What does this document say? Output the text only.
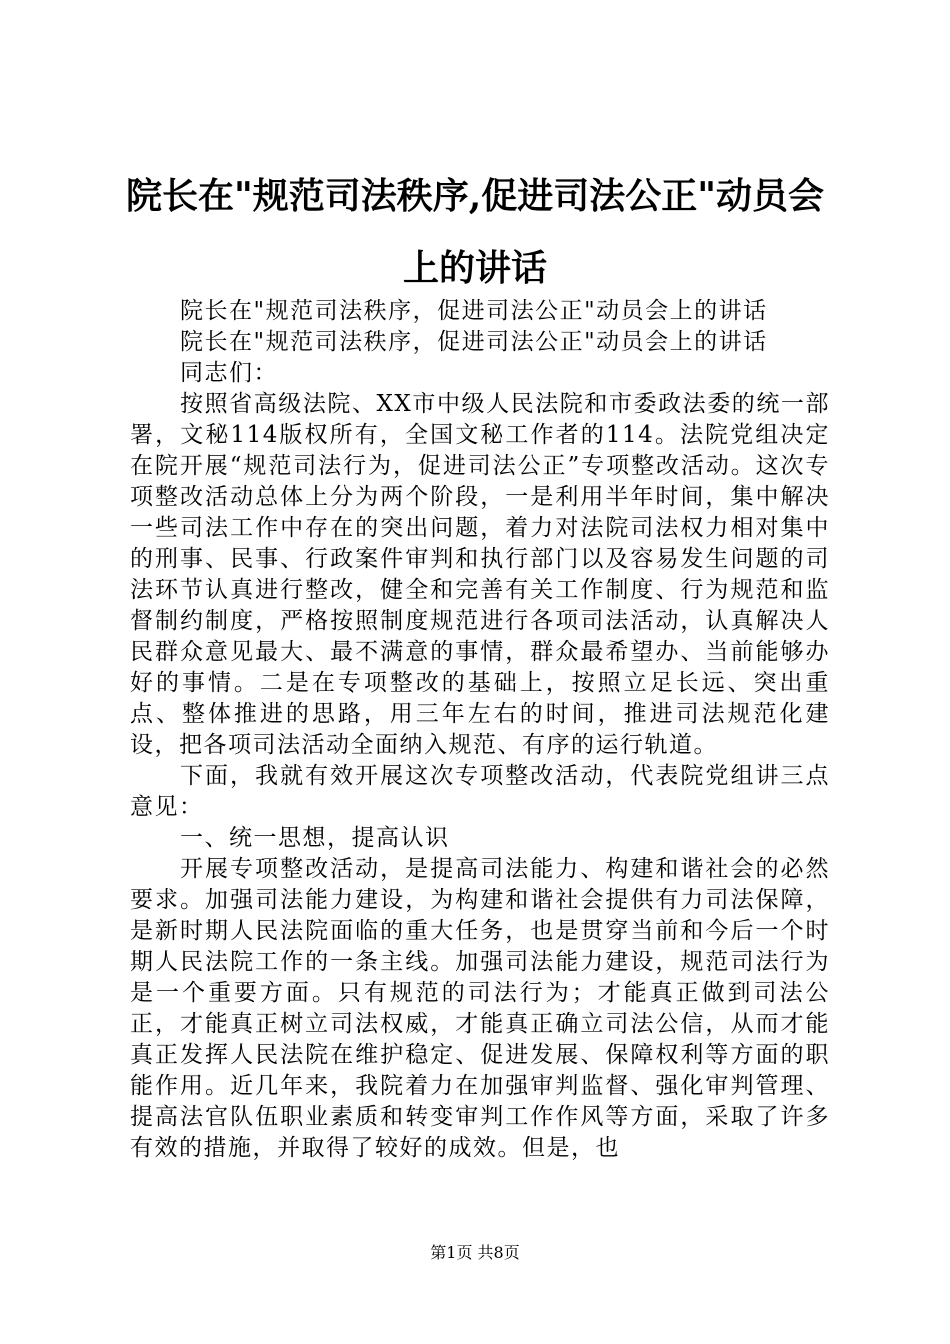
院长在"规范司法秩序,促进司法公正"动员会上的讲话

院长在"规范司法秩序，促进司法公正"动员会上的讲话

院长在"规范司法秩序，促进司法公正"动员会上的讲话

同志们：

按照省高级法院、XX市中级人民法院和市委政法委的统一部署，文秘114版权所有，全国文秘工作者的114。法院党组决定在院开展“规范司法行为，促进司法公正”专项整改活动。这次专项整改活动总体上分为两个阶段，一是利用半年时间，集中解决一些司法工作中存在的突出问题，着力对法院司法权力相对集中的刑事、民事、行政案件审判和执行部门以及容易发生问题的司法环节认真进行整改，健全和完善有关工作制度、行为规范和监督制约制度，严格按照制度规范进行各项司法活动，认真解决人民群众意见最大、最不满意的事情，群众最希望办、当前能够办好的事情。二是在专项整改的基础上，按照立足长远、突出重点、整体推进的思路，用三年左右的时间，推进司法规范化建设，把各项司法活动全面纳入规范、有序的运行轨道。

下面，我就有效开展这次专项整改活动，代表院党组讲三点意见：

一、统一思想，提高认识

开展专项整改活动，是提高司法能力、构建和谐社会的必然要求。加强司法能力建设，为构建和谐社会提供有力司法保障，是新时期人民法院面临的重大任务，也是贯穿当前和今后一个时期人民法院工作的一条主线。加强司法能力建设，规范司法行为是一个重要方面。只有规范的司法行为；才能真正做到司法公正，才能真正树立司法权威，才能真正确立司法公信，从而才能真正发挥人民法院在维护稳定、促进发展、保障权利等方面的职能作用。近几年来，我院着力在加强审判监督、强化审判管理、提高法官队伍职业素质和转变审判工作作风等方面，采取了许多有效的措施，并取得了较好的成效。但是，也

第1页 共8页
